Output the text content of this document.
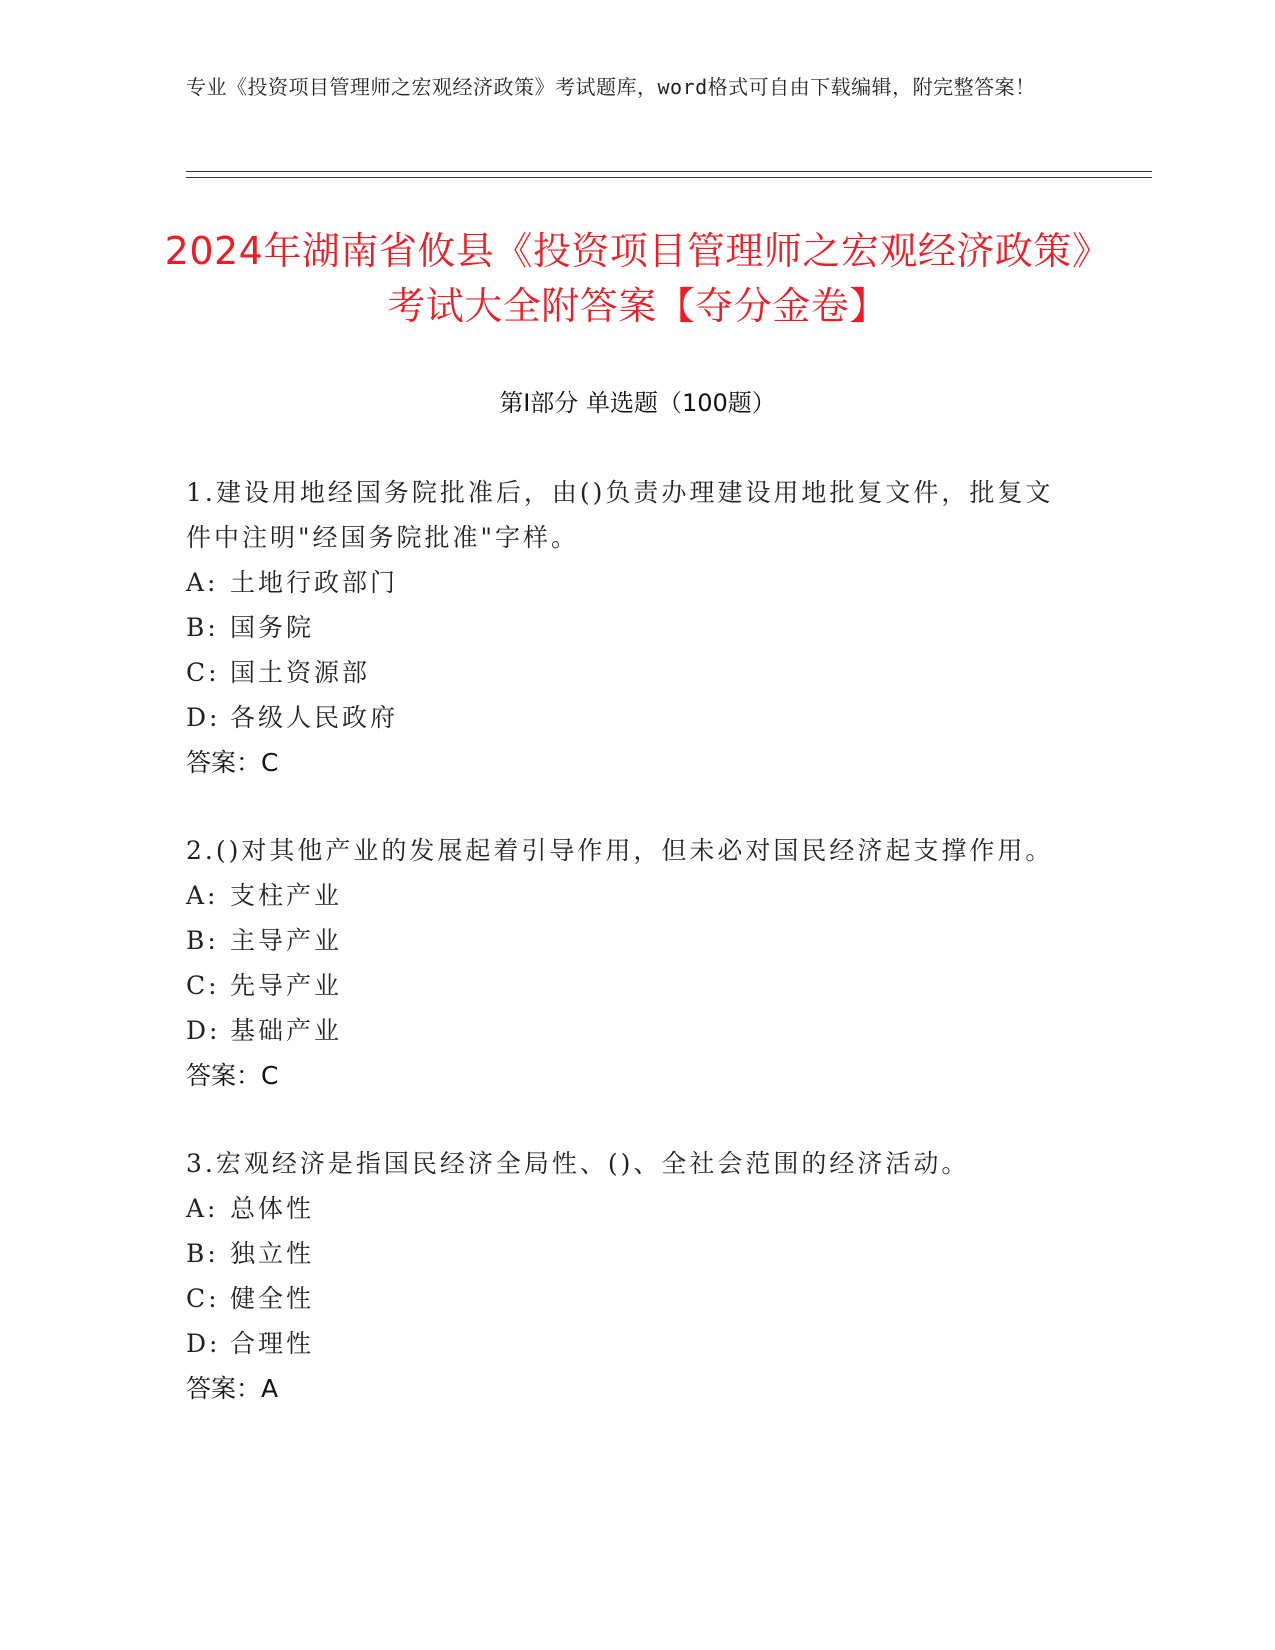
专业《投资项目管理师之宏观经济政策》考试题库，word格式可自由下载编辑，附完整答案！
2024年湖南省攸县《投资项目管理师之宏观经济政策》考试大全附答案【夺分金卷】
第Ⅰ部分 单选题（100题）
1.建设用地经国务院批准后，由()负责办理建设用地批复文件，批复文件中注明"经国务院批准"字样。
A: 土地行政部门
B: 国务院
C: 国土资源部
D: 各级人民政府
答案：C
2.()对其他产业的发展起着引导作用，但未必对国民经济起支撑作用。
A: 支柱产业
B: 主导产业
C: 先导产业
D: 基础产业
答案：C
3.宏观经济是指国民经济全局性、()、全社会范围的经济活动。
A: 总体性
B: 独立性
C: 健全性
D: 合理性
答案：A
